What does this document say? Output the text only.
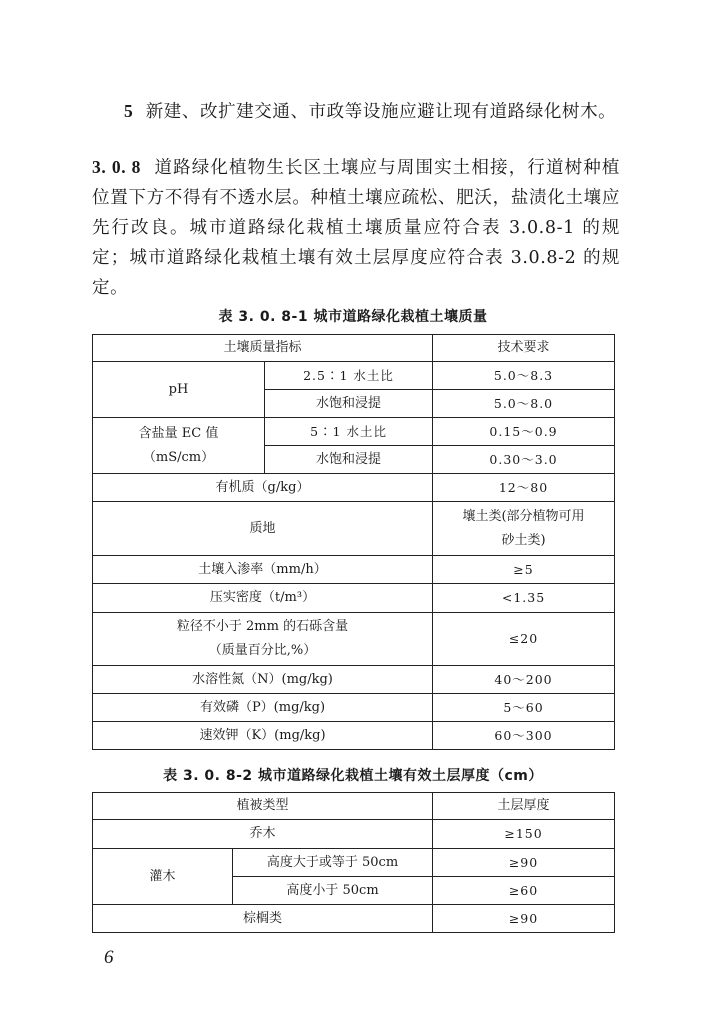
5 新建、改扩建交通、市政等设施应避让现有道路绿化树木。
3. 0. 8 道路绿化植物生长区土壤应与周围实土相接，行道树种植位置下方不得有不透水层。种植土壤应疏松、肥沃，盐渍化土壤应先行改良。城市道路绿化栽植土壤质量应符合表 3.0.8-1 的规定；城市道路绿化栽植土壤有效土层厚度应符合表 3.0.8-2 的规定。
表 3. 0. 8-1 城市道路绿化栽植土壤质量
土壤质量指标		技术要求
pH	2.5∶1 水土比	5.0～8.3
	水饱和浸提	5.0～8.0

含盐量 EC 值
（mS/cm）	5∶1 水土比	0.15～0.9
	水饱和浸提	0.30～3.0
有机质（g/kg）		12～80
质地		壤土类(部分植物可用
砂土类)

土壤入渗率（mm/h）		≥5
压实密度（t/m³）		<1.35

粒径不小于 2mm 的石砾含量
（质量百分比,%）		≤20
水溶性氮（N）(mg/kg)		40～200
有效磷（P）(mg/kg)		5～60
速效钾（K）(mg/kg)		60～300
表 3. 0. 8-2 城市道路绿化栽植土壤有效土层厚度（cm）
植被类型		土层厚度
乔木		≥150
灌木	高度大于或等于 50cm	≥90
	高度小于 50cm	≥60
棕榈类		≥90
6
